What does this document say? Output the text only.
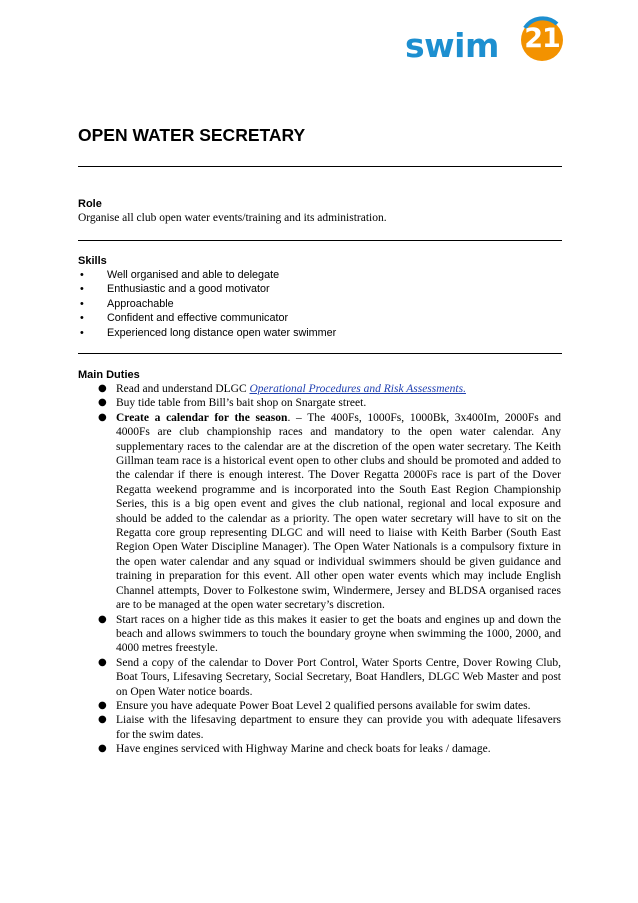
swim 21
OPEN WATER SECRETARY
Role
Organise all club open water events/training and its administration.
Skills
• Well organised and able to delegate
• Enthusiastic and a good motivator
• Approachable
• Confident and effective communicator
• Experienced long distance open water swimmer
Main Duties
● Read and understand DLGC Operational Procedures and Risk Assessments.
● Buy tide table from Bill’s bait shop on Snargate street.
● Create a calendar for the season. – The 400Fs, 1000Fs, 1000Bk, 3x400Im, 2000Fs and 4000Fs are club championship races and mandatory to the open water calendar. Any supplementary races to the calendar are at the discretion of the open water secretary. The Keith Gillman team race is a historical event open to other clubs and should be promoted and added to the calendar if there is enough interest. The Dover Regatta 2000Fs race is part of the Dover Regatta weekend programme and is incorporated into the South East Region Championship Series, this is a big open event and gives the club national, regional and local exposure and should be added to the calendar as a priority. The open water secretary will have to sit on the Regatta core group representing DLGC and will need to liaise with Keith Barber (South East Region Open Water Discipline Manager). The Open Water Nationals is a compulsory fixture in the open water calendar and any squad or individual swimmers should be given guidance and training in preparation for this event. All other open water events which may include English Channel attempts, Dover to Folkestone swim, Windermere, Jersey and BLDSA organised races are to be managed at the open water secretary’s discretion.
● Start races on a higher tide as this makes it easier to get the boats and engines up and down the beach and allows swimmers to touch the boundary groyne when swimming the 1000, 2000, and 4000 metres freestyle.
● Send a copy of the calendar to Dover Port Control, Water Sports Centre, Dover Rowing Club, Boat Tours, Lifesaving Secretary, Social Secretary, Boat Handlers, DLGC Web Master and post on Open Water notice boards.
● Ensure you have adequate Power Boat Level 2 qualified persons available for swim dates.
● Liaise with the lifesaving department to ensure they can provide you with adequate lifesavers for the swim dates.
● Have engines serviced with Highway Marine and check boats for leaks / damage.
